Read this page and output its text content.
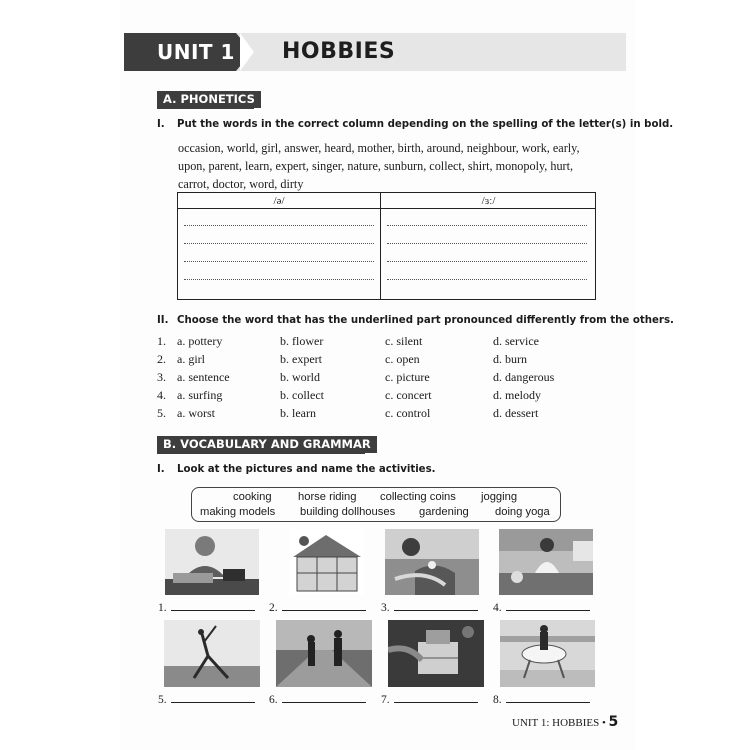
UNIT 1 HOBBIES
A. PHONETICS
I. Put the words in the correct column depending on the spelling of the letter(s) in bold.
occasion, world, girl, answer, heard, mother, birth, around, neighbour, work, early, upon, parent, learn, expert, singer, nature, sunburn, collect, shirt, monopoly, hurt, carrot, doctor, word, dirty
/ə/	/ɜː/
II. Choose the word that has the underlined part pronounced differently from the others.
1. a. pottery	b. flower	c. silent	d. service
2. a. girl	b. expert	c. open	d. burn
3. a. sentence	b. world	c. picture	d. dangerous
4. a. surfing	b. collect	c. concert	d. melody
5. a. worst	b. learn	c. control	d. dessert
B. VOCABULARY AND GRAMMAR
I. Look at the pictures and name the activities.
cooking horse riding collecting coins jogging
making models building dollhouses gardening doing yoga
1.	2.	3.	4.
5.	6.	7.	8.
UNIT 1: HOBBIES • 5
